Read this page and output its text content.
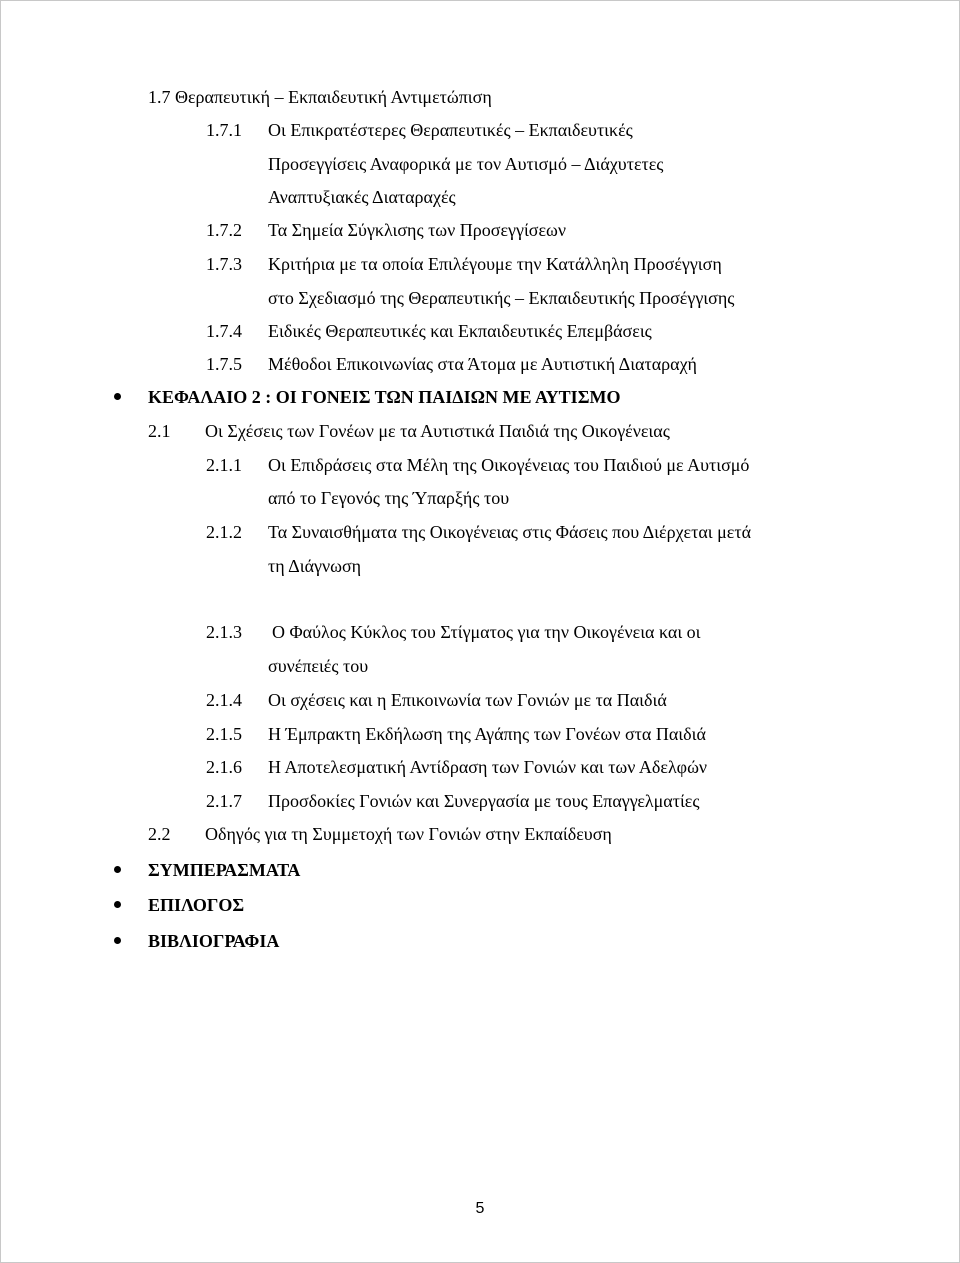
1.7 Θεραπευτική – Εκπαιδευτική Αντιμετώπιση
1.7.1 Οι Επικρατέστερες Θεραπευτικές – Εκπαιδευτικές
Προσεγγίσεις Αναφορικά με τον Αυτισμό – Διάχυτετες
Αναπτυξιακές Διαταραχές
1.7.2 Τα Σημεία Σύγκλισης των Προσεγγίσεων
1.7.3 Κριτήρια με τα οποία Επιλέγουμε την Κατάλληλη Προσέγγιση
στο Σχεδιασμό της Θεραπευτικής – Εκπαιδευτικής Προσέγγισης
1.7.4 Ειδικές Θεραπευτικές και Εκπαιδευτικές Επεμβάσεις
1.7.5 Μέθοδοι Επικοινωνίας στα Άτομα με Αυτιστική Διαταραχή
ΚΕΦΑΛΑΙΟ 2 : ΟΙ ΓΟΝΕΙΣ ΤΩΝ ΠΑΙΔΙΩΝ ΜΕ ΑΥΤΙΣΜΟ
2.1 Οι Σχέσεις των Γονέων με τα Αυτιστικά Παιδιά της Οικογένειας
2.1.1 Οι Επιδράσεις στα Μέλη της Οικογένειας του Παιδιού με Αυτισμό
από το Γεγονός της Ύπαρξής του
2.1.2 Τα Συναισθήματα της Οικογένειας στις Φάσεις που Διέρχεται μετά
τη Διάγνωση
2.1.3 Ο Φαύλος Κύκλος του Στίγματος για την Οικογένεια και οι
συνέπειές του
2.1.4 Οι σχέσεις και η Επικοινωνία των Γονιών με τα Παιδιά
2.1.5 Η Έμπρακτη Εκδήλωση της Αγάπης των Γονέων στα Παιδιά
2.1.6 Η Αποτελεσματική Αντίδραση των Γονιών και των Αδελφών
2.1.7 Προσδοκίες Γονιών και Συνεργασία με τους Επαγγελματίες
2.2 Οδηγός για τη Συμμετοχή των Γονιών στην Εκπαίδευση
ΣΥΜΠΕΡΑΣΜΑΤΑ
ΕΠΙΛΟΓΟΣ
ΒΙΒΛΙΟΓΡΑΦΙΑ
5
